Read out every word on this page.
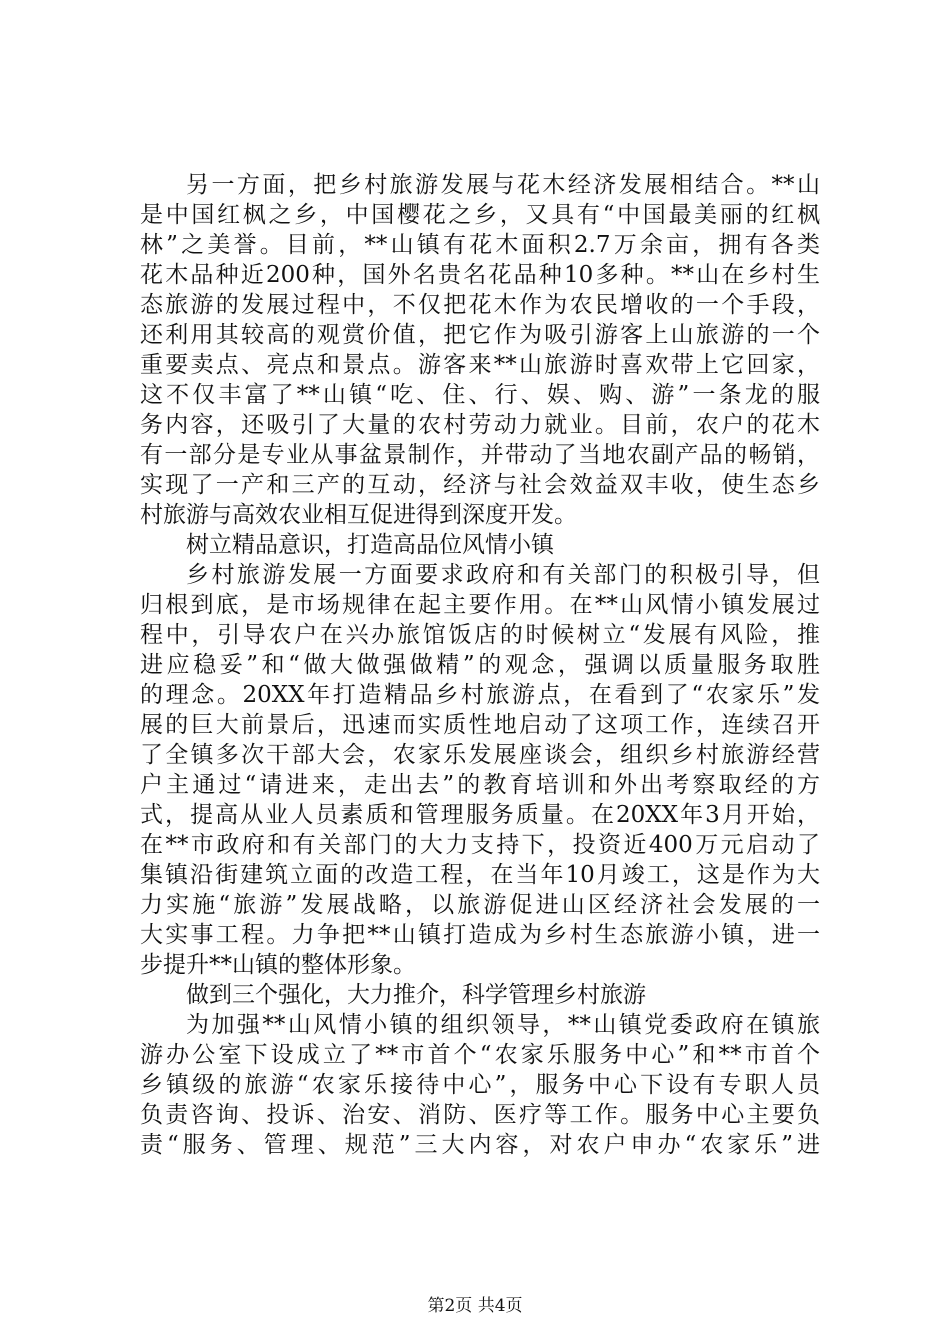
另一方面，把乡村旅游发展与花木经济发展相结合。**山
是中国红枫之乡，中国樱花之乡，又具有“中国最美丽的红枫
林”之美誉。目前，**山镇有花木面积2.7万余亩，拥有各类
花木品种近200种，国外名贵名花品种10多种。**山在乡村生
态旅游的发展过程中，不仅把花木作为农民增收的一个手段，
还利用其较高的观赏价值，把它作为吸引游客上山旅游的一个
重要卖点、亮点和景点。游客来**山旅游时喜欢带上它回家，
这不仅丰富了**山镇“吃、住、行、娱、购、游”一条龙的服
务内容，还吸引了大量的农村劳动力就业。目前，农户的花木
有一部分是专业从事盆景制作，并带动了当地农副产品的畅销，
实现了一产和三产的互动，经济与社会效益双丰收，使生态乡
村旅游与高效农业相互促进得到深度开发。
树立精品意识，打造高品位风情小镇
乡村旅游发展一方面要求政府和有关部门的积极引导，但
归根到底，是市场规律在起主要作用。在**山风情小镇发展过
程中，引导农户在兴办旅馆饭店的时候树立“发展有风险，推
进应稳妥”和“做大做强做精”的观念，强调以质量服务取胜
的理念。20XX年打造精品乡村旅游点，在看到了“农家乐”发
展的巨大前景后，迅速而实质性地启动了这项工作，连续召开
了全镇多次干部大会，农家乐发展座谈会，组织乡村旅游经营
户主通过“请进来，走出去”的教育培训和外出考察取经的方
式，提高从业人员素质和管理服务质量。在20XX年3月开始，
在**市政府和有关部门的大力支持下，投资近400万元启动了
集镇沿街建筑立面的改造工程，在当年10月竣工，这是作为大
力实施“旅游”发展战略，以旅游促进山区经济社会发展的一
大实事工程。力争把**山镇打造成为乡村生态旅游小镇，进一
步提升**山镇的整体形象。
做到三个强化，大力推介，科学管理乡村旅游
为加强**山风情小镇的组织领导，**山镇党委政府在镇旅
游办公室下设成立了**市首个“农家乐服务中心”和**市首个
乡镇级的旅游“农家乐接待中心”，服务中心下设有专职人员
负责咨询、投诉、治安、消防、医疗等工作。服务中心主要负
责“服务、管理、规范”三大内容，对农户申办“农家乐”进
第2页 共4页
